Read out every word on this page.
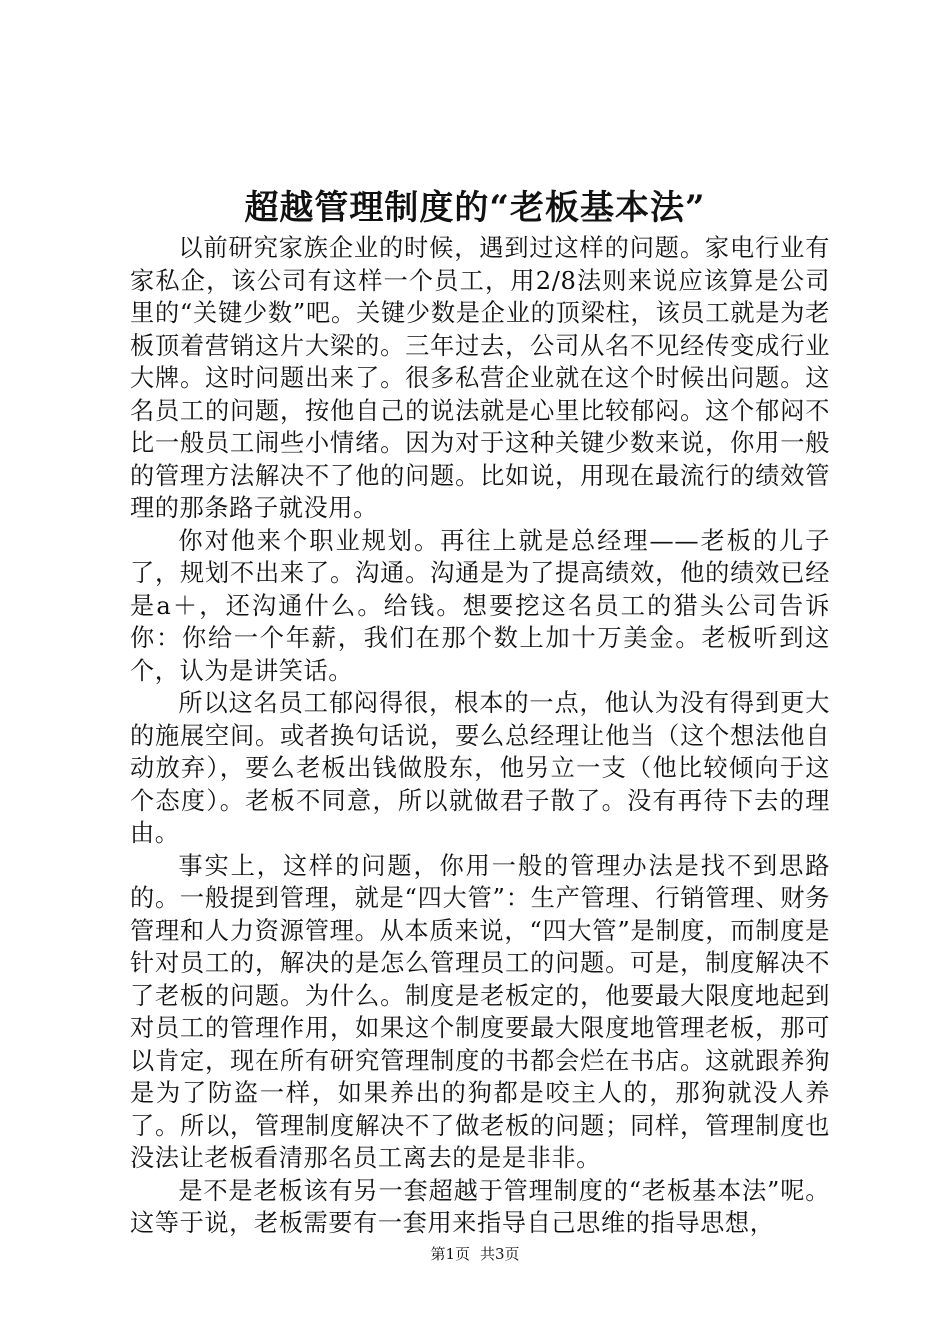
超越管理制度的“老板基本法”

以前研究家族企业的时候，遇到过这样的问题。家电行业有家私企，该公司有这样一个员工，用2/8法则来说应该算是公司里的“关键少数”吧。关键少数是企业的顶梁柱，该员工就是为老板顶着营销这片大梁的。三年过去，公司从名不见经传变成行业大牌。这时问题出来了。很多私营企业就在这个时候出问题。这名员工的问题，按他自己的说法就是心里比较郁闷。这个郁闷不比一般员工闹些小情绪。因为对于这种关键少数来说，你用一般的管理方法解决不了他的问题。比如说，用现在最流行的绩效管理的那条路子就没用。

你对他来个职业规划。再往上就是总经理——老板的儿子了，规划不出来了。沟通。沟通是为了提高绩效，他的绩效已经是a＋，还沟通什么。给钱。想要挖这名员工的猎头公司告诉你：你给一个年薪，我们在那个数上加十万美金。老板听到这个，认为是讲笑话。

所以这名员工郁闷得很，根本的一点，他认为没有得到更大的施展空间。或者换句话说，要么总经理让他当（这个想法他自动放弃），要么老板出钱做股东，他另立一支（他比较倾向于这个态度）。老板不同意，所以就做君子散了。没有再待下去的理由。

事实上，这样的问题，你用一般的管理办法是找不到思路的。一般提到管理，就是“四大管”：生产管理、行销管理、财务管理和人力资源管理。从本质来说，“四大管”是制度，而制度是针对员工的，解决的是怎么管理员工的问题。可是，制度解决不了老板的问题。为什么。制度是老板定的，他要最大限度地起到对员工的管理作用，如果这个制度要最大限度地管理老板，那可以肯定，现在所有研究管理制度的书都会烂在书店。这就跟养狗是为了防盗一样，如果养出的狗都是咬主人的，那狗就没人养了。所以，管理制度解决不了做老板的问题；同样，管理制度也没法让老板看清那名员工离去的是是非非。

是不是老板该有另一套超越于管理制度的“老板基本法”呢。这等于说，老板需要有一套用来指导自己思维的指导思想，

第1页 共3页
